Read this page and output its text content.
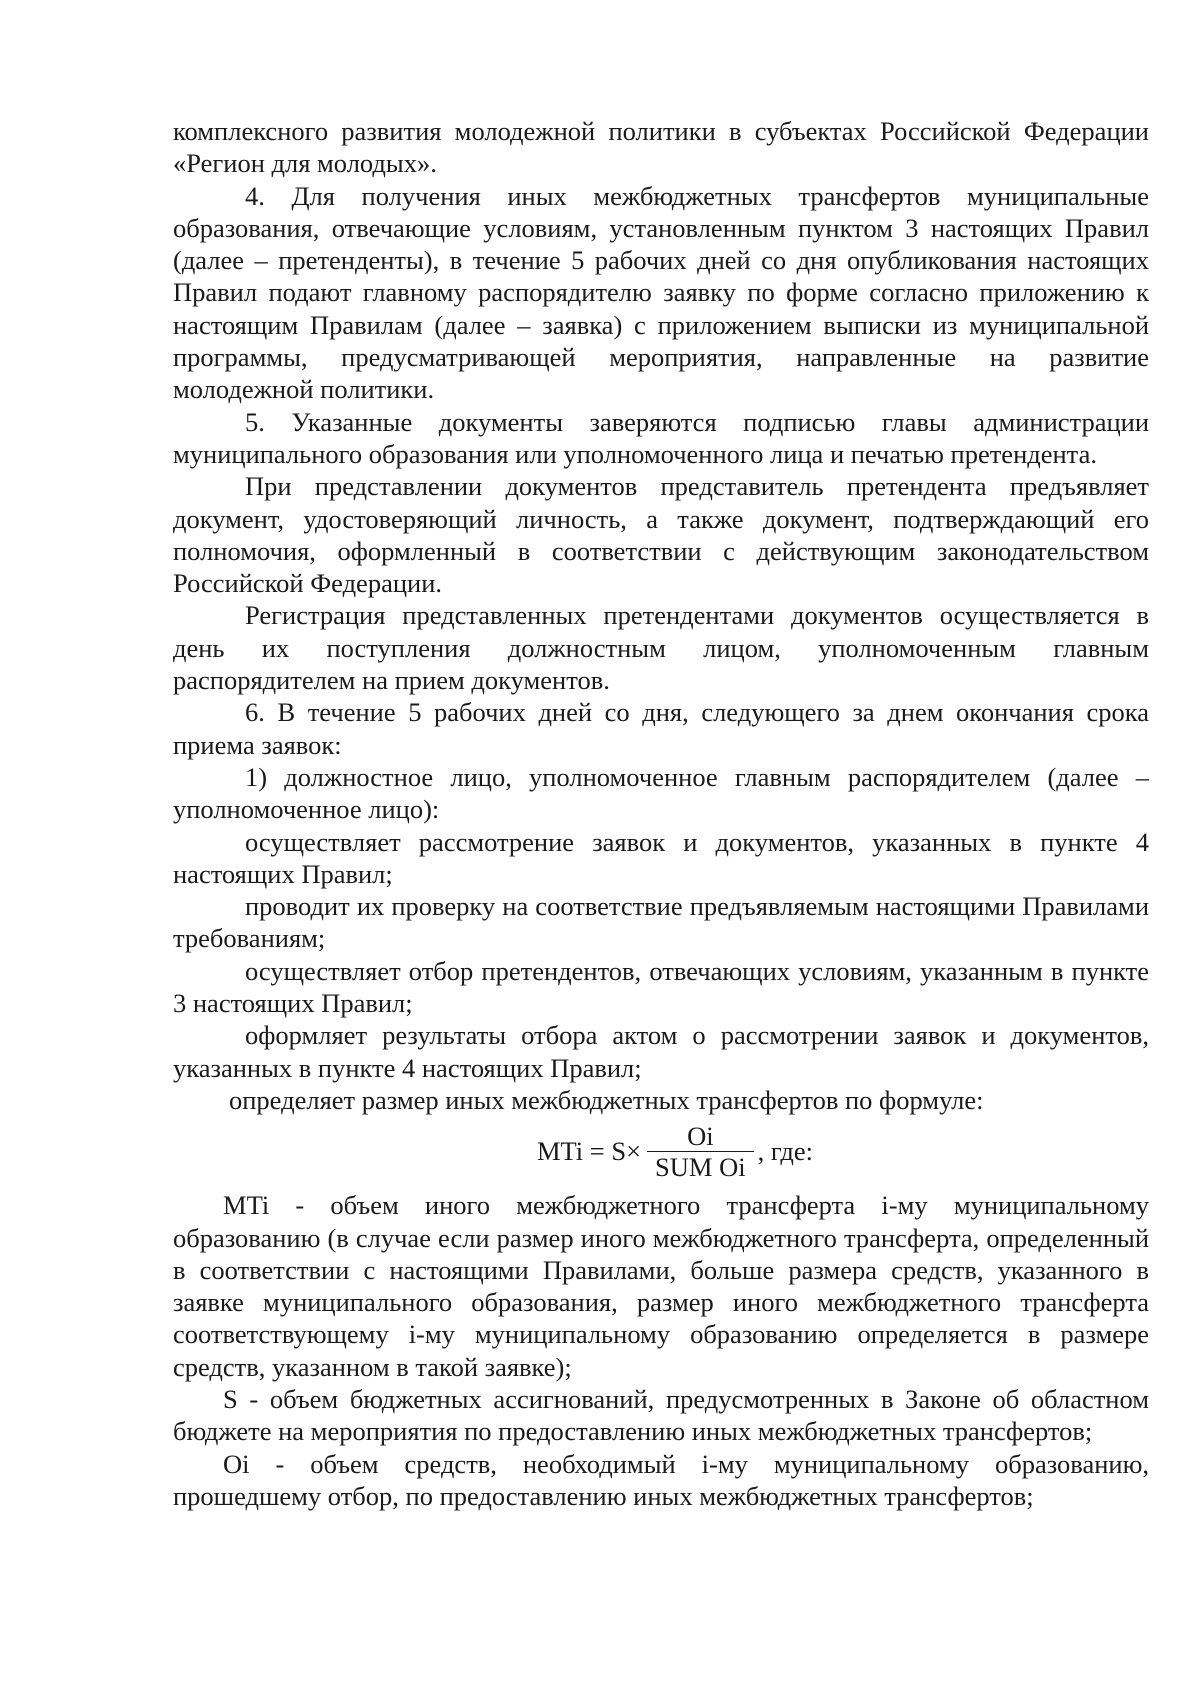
комплексного развития молодежной политики в субъектах Российской Федерации «Регион для молодых».

4. Для получения иных межбюджетных трансфертов муниципальные образования, отвечающие условиям, установленным пунктом 3 настоящих Правил (далее – претенденты), в течение 5 рабочих дней со дня опубликования настоящих Правил подают главному распорядителю заявку по форме согласно приложению к настоящим Правилам (далее – заявка) с приложением выписки из муниципальной программы, предусматривающей мероприятия, направленные на развитие молодежной политики.

5. Указанные документы заверяются подписью главы администрации муниципального образования или уполномоченного лица и печатью претендента.

При представлении документов представитель претендента предъявляет документ, удостоверяющий личность, а также документ, подтверждающий его полномочия, оформленный в соответствии с действующим законодательством Российской Федерации.

Регистрация представленных претендентами документов осуществляется в день их поступления должностным лицом, уполномоченным главным распорядителем на прием документов.

6. В течение 5 рабочих дней со дня, следующего за днем окончания срока приема заявок:

1) должностное лицо, уполномоченное главным распорядителем (далее – уполномоченное лицо):

осуществляет рассмотрение заявок и документов, указанных в пункте 4 настоящих Правил;

проводит их проверку на соответствие предъявляемым настоящими Правилами требованиям;

осуществляет отбор претендентов, отвечающих условиям, указанным в пункте 3 настоящих Правил;

оформляет результаты отбора актом о рассмотрении заявок и документов, указанных в пункте 4 настоящих Правил;

определяет размер иных межбюджетных трансфертов по формуле:

MTi = $S\times \frac{Oi}{\text{SUM Oi}}$ , где:

MTi - объем иного межбюджетного трансферта i-му муниципальному образованию (в случае если размер иного межбюджетного трансферта, определенный в соответствии с настоящими Правилами, больше размера средств, указанного в заявке муниципального образования, размер иного межбюджетного трансферта соответствующему i-му муниципальному образованию определяется в размере средств, указанном в такой заявке);

S - объем бюджетных ассигнований, предусмотренных в Законе об областном бюджете на мероприятия по предоставлению иных межбюджетных трансфертов;

Oi - объем средств, необходимый i-му муниципальному образованию, прошедшему отбор, по предоставлению иных межбюджетных трансфертов;
